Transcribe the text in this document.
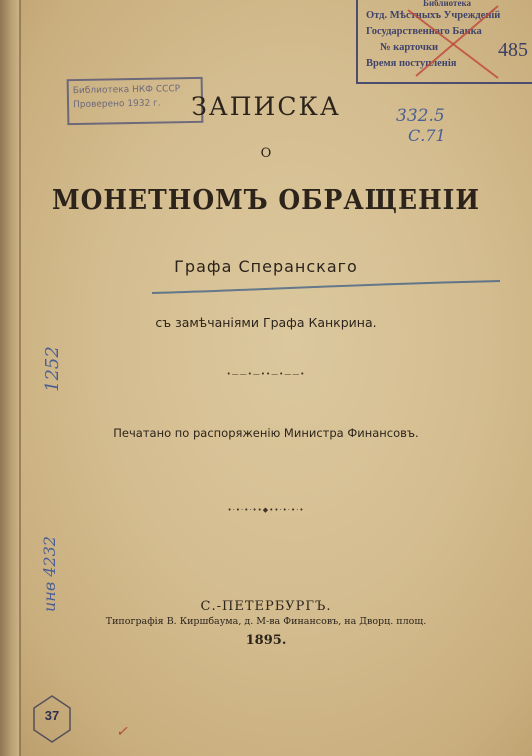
Библиотека НКФ СССР
Проверено 1932 г.
Библиотека
Отд. Мѣстныхъ Учрежденій
Государственнаго Банка
№ карточки
Время поступленія
485
332.5
С.71
1252
инв 4232
37
✓
ЗАПИСКА
О
МОНЕТНОМЪ ОБРАЩЕНІИ
Графа Сперанскаго
съ замѣчаніями Графа Канкрина.
•——•—••—•——•
Печатано по распоряженію Министра Финансовъ.
•·•·•·••◆••·•·•·•
С.-ПЕТЕРБУРГЪ.
Типографія В. Киршбаума, д. М-ва Финансовъ, на Дворц. площ.
1895.
